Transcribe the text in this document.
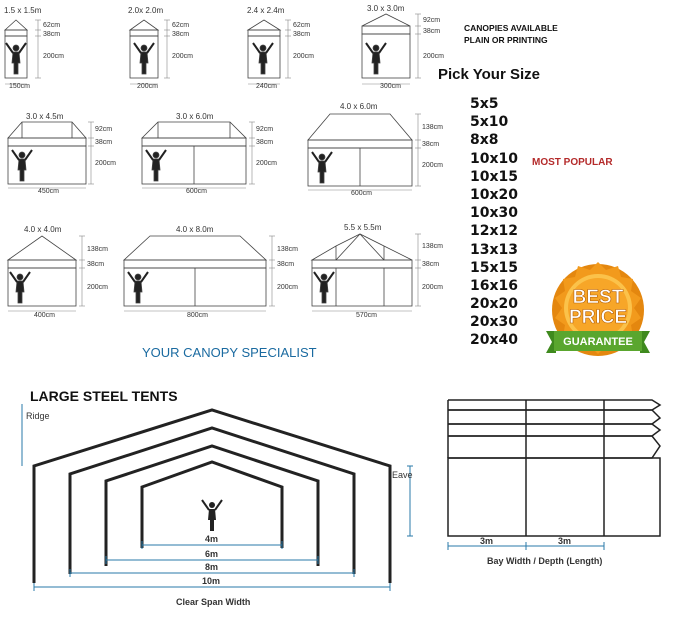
1.5 x 1.5m
62cm
38cm
200cm
150cm
2.0x 2.0m
62cm
38cm
200cm
200cm
2.4 x 2.4m
62cm
38cm
200cm
240cm
3.0 x 3.0m
92cm
38cm
200cm
300cm
3.0 x 4.5m
92cm
38cm
200cm
450cm
3.0 x 6.0m
92cm
38cm
200cm
600cm
4.0 x 6.0m
138cm
38cm
200cm
600cm
4.0 x 4.0m
138cm
38cm
200cm
400cm
4.0 x 8.0m
138cm
38cm
200cm
800cm
5.5 x 5.5m
138cm
38cm
200cm
570cm
BEST
PRICE
GUARANTEE
Ridge
Eave
4m
6m
8m
10m
Clear Span Width
3m	3m
Bay Width / Depth (Length)
CANOPIES AVAILABLE
PLAIN OR PRINTING
Pick Your Size
5x5
5x10
8x8
10x10
10x15
10x20
10x30
12x12
13x13
15x15
16x16
20x20
20x30
20x40
MOST POPULAR
YOUR CANOPY SPECIALIST
LARGE STEEL TENTS
